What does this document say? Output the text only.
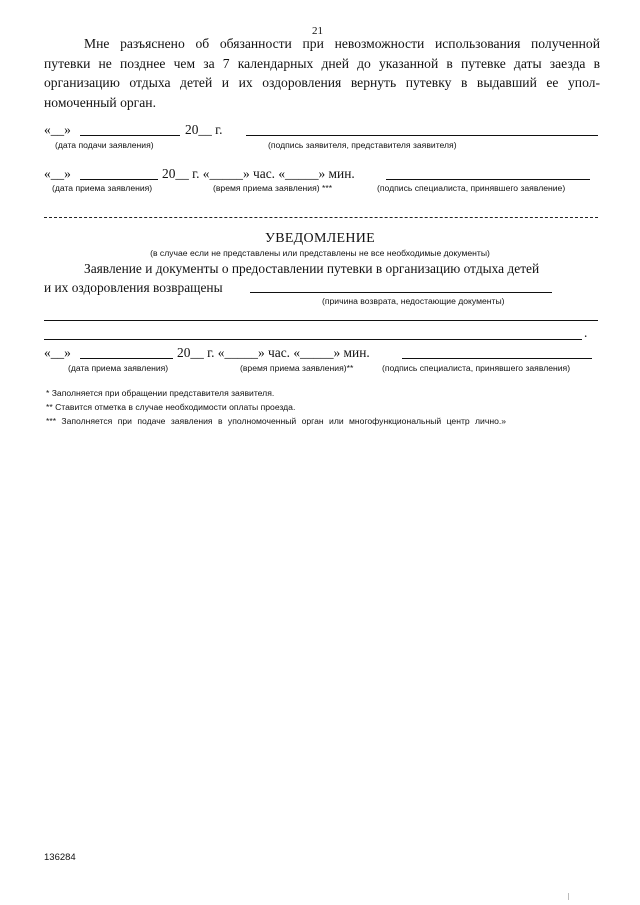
21
Мне разъяснено об обязанности при невозможности использования полученной
путевки не позднее чем за 7 календарных дней до указанной в путевке даты заезда в
организацию отдыха детей и их оздоровления вернуть путевку в выдавший ее упол-
номоченный орган.
«__»	20__ г.
(дата подачи заявления)	(подпись заявителя, представителя заявителя)
«__»	20__ г. «_____» час. «_____» мин.
(дата приема заявления)	(время приема заявления) ***	(подпись специалиста, принявшего заявление)
УВЕДОМЛЕНИЕ
(в случае если не представлены или представлены не все необходимые документы)
Заявление и документы о предоставлении путевки в организацию отдыха детей
и их оздоровления возвращены
(причина возврата, недостающие документы)
.
«__»	20__ г. «_____» час. «_____» мин.
(дата приема заявления)	(время приема заявления)**	(подпись специалиста, принявшего заявления)
* Заполняется при обращении представителя заявителя.
** Ставится отметка в случае необходимости оплаты проезда.
*** Заполняется при подаче заявления в уполномоченный орган или многофункциональный центр лично.»
136284
